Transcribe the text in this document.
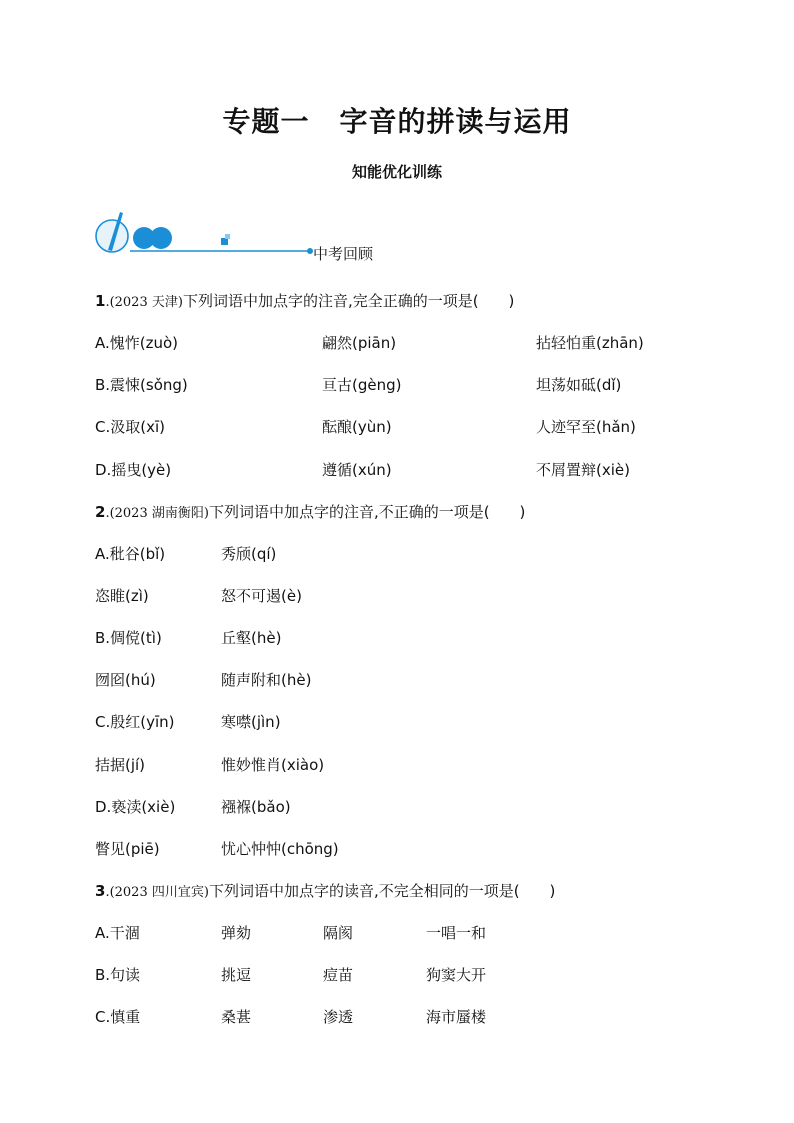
专题一 字音的拼读与运用
知能优化训练
中考回顾
1.(2023 天津)下列词语中加点字的注音,完全正确的一项是(　　)
A.愧怍(zuò)	翩然(piān)	拈轻怕重(zhān)
B.震悚(sǒng)	亘古(gèng)	坦荡如砥(dǐ)
C.汲取(xī)	酝酿(yùn)	人迹罕至(hǎn)
D.摇曳(yè)	遵循(xún)	不屑置辩(xiè)
2.(2023 湖南衡阳)下列词语中加点字的注音,不正确的一项是(　　)
A.秕谷(bǐ)	秀颀(qí)
恣睢(zì)	怒不可遏(è)
B.倜傥(tì)	丘壑(hè)
囫囵(hú)	随声附和(hè)
C.殷红(yīn)	寒噤(jìn)
拮据(jí)	惟妙惟肖(xiào)
D.亵渎(xiè)	襁褓(bǎo)
瞥见(piē)	忧心忡忡(chōng)
3.(2023 四川宜宾)下列词语中加点字的读音,不完全相同的一项是(　　)
A.干涸	弹劾	隔阂	一唱一和
B.句读	挑逗	痘苗	狗窦大开
C.慎重	桑葚	渗透	海市蜃楼
